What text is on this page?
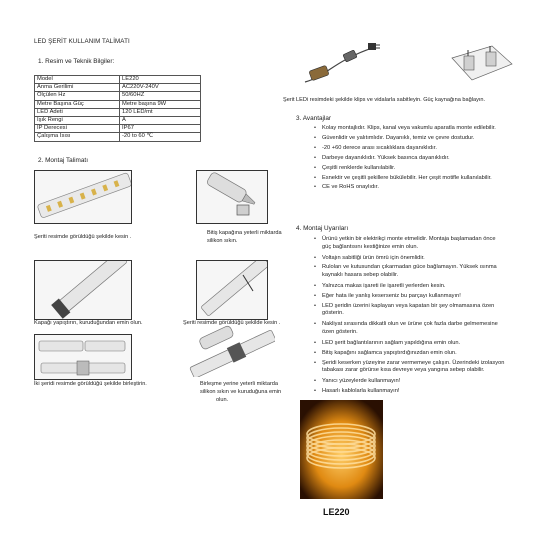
LED ŞERİT KULLANIM TALİMATI
1. Resim ve Teknik Bilgiler:
Model	LE220
Anma Gerilimi	AC220V-240V
Ölçülen Hz	50/60HZ
Metre Başına Güç	Metre başına 9W
LED Adeti	120 LED/mt
Işık Rengi	A
IP Derecesi	IP67
Çalışma Isısı	-20 to 60 ℃
2. Montaj Talimatı
Şeriti resimde görüldüğü şekilde kesin .
Bitiş kapağına yeterli miktarda
silikon sıkın.
Kapağı yapıştırın, kuruduğundan emin olun.	Şeriti resimde görüldüğü şekilde kesin .
İki şeridi resimde görüldüğü şekilde birleştirin.	Birleşme yerine yeterli miktarda
silikon sıkın ve kuruduğuna emin
olun.
Şerit LEDi resimdeki şekilde klips ve vidalarla sabitleyin. Güç kaynağına bağlayın.
3. Avantajlar
• Kolay montajlıdır. Klips, kanal veya vakumlu aparatla monte edilebilir.
• Güvenlidir ve yalıtımlıdır. Dayanıklı, temiz ve çevre dostudur.
• -20 +60 derece arası sıcaklıklara dayanıklıdır.
• Darbeye dayanıklıdır. Yüksek basınca dayanıklıdır.
• Çeşitli renklerde kullanılabilir.
• Esnektir ve çeşitli şekillere bükülebilir. Her çeşit motifle kullanılabilir.
• CE ve RoHS onaylıdır.
4. Montaj Uyarıları
• Ürünü yetkin bir elektrikçi monte etmelidir. Montaja başlamadan önce
güç bağlantısını kestiğinize emin olun.
• Voltajın sabitliği ürün ömrü için önemlidir.
• Ruloları ve kutusundan çıkarmadan güce bağlamayın. Yüksek ısınma
kaynaklı hasara sebep olabilir.
• Yalnızca makas işareti ile işaretli yerlerden kesin.
• Eğer hata ile yanlış keserseniz bu parçayı kullanmayın!
• LED şeridin üzerini kaplayan veya kapatan bir şey olmamasına özen
gösterin.
• Nakliyat sırasında dikkatli olun ve ürüne çok fazla darbe gelmemesine
özen gösterin.
• LED şerit bağlantılarının sağlam yapıldığına emin olun.
• Bitiş kapağını sağlamca yapıştırdığınızdan emin olun.
• Şeridi keserken yüzeyine zarar vermemeye çalışın. Üzerindeki izolasyon
tabakası zarar görürse kısa devreye veya yangına sebep olabilir.
• Yanıcı yüzeylerde kullanmayın!
• Hasarlı kablolarla kullanmayın!
LE220
